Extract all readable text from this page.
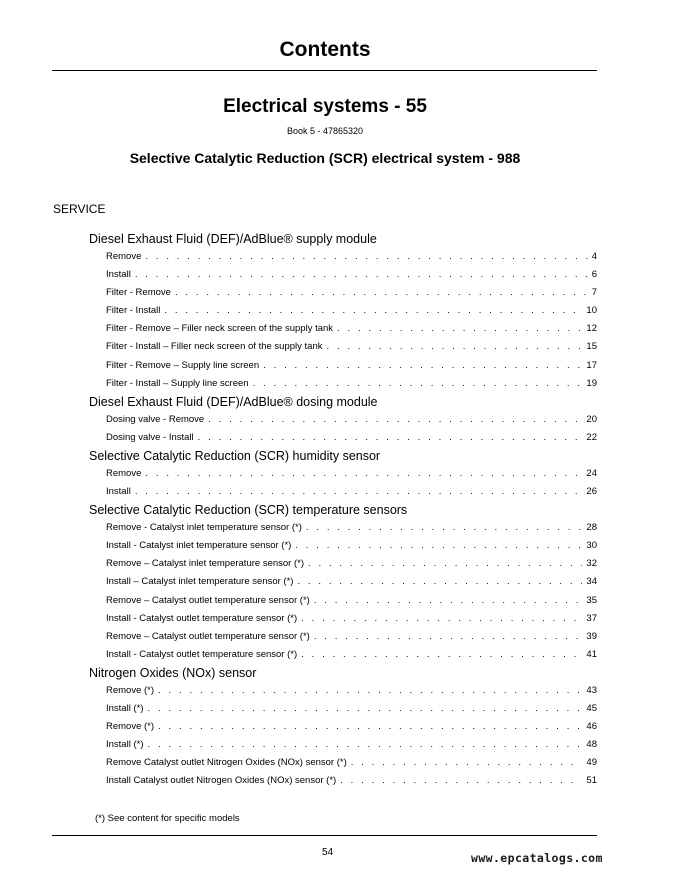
Contents
Electrical systems - 55
Book 5 - 47865320
Selective Catalytic Reduction (SCR) electrical system - 988
SERVICE
Diesel Exhaust Fluid (DEF)/AdBlue® supply module
Remove . . .	4
Install . . .	6
Filter - Remove . . .	7
Filter - Install . . .	10
Filter - Remove – Filler neck screen of the supply tank . . .	12
Filter - Install – Filler neck screen of the supply tank . . .	15
Filter - Remove – Supply line screen . . .	17
Filter - Install – Supply line screen . . .	19
Diesel Exhaust Fluid (DEF)/AdBlue® dosing module
Dosing valve - Remove . . .	20
Dosing valve - Install . . .	22
Selective Catalytic Reduction (SCR) humidity sensor
Remove . . .	24
Install . . .	26
Selective Catalytic Reduction (SCR) temperature sensors
Remove - Catalyst inlet temperature sensor (*) . . .	28
Install - Catalyst inlet temperature sensor (*) . . .	30
Remove – Catalyst inlet temperature sensor (*) . . .	32
Install – Catalyst inlet temperature sensor (*) . . .	34
Remove – Catalyst outlet temperature sensor (*) . . .	35
Install - Catalyst outlet temperature sensor (*) . . .	37
Remove – Catalyst outlet temperature sensor (*) . . .	39
Install - Catalyst outlet temperature sensor (*) . . .	41
Nitrogen Oxides (NOx) sensor
Remove (*) . . .	43
Install (*) . . .	45
Remove (*) . . .	46
Install (*) . . .	48
Remove Catalyst outlet Nitrogen Oxides (NOx) sensor (*) . . .	49
Install Catalyst outlet Nitrogen Oxides (NOx) sensor (*) . . .	51
(*) See content for specific models
54	www.epcatalogs.com
